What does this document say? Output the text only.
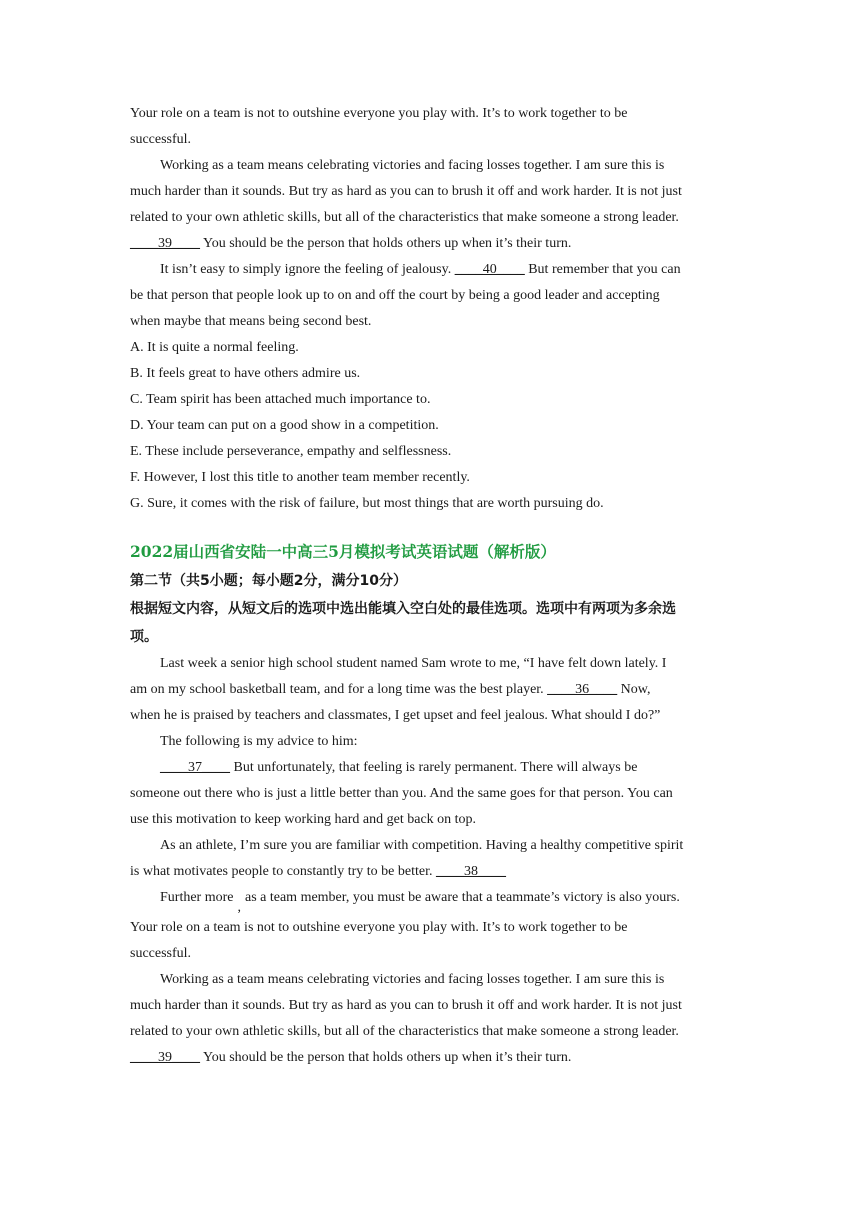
Your role on a team is not to outshine everyone you play with. It’s to work together to be
successful.
Working as a team means celebrating victories and facing losses together. I am sure this is
much harder than it sounds. But try as hard as you can to brush it off and work harder. It is not just
related to your own athletic skills, but all of the characteristics that make someone a strong leader.
____39____ You should be the person that holds others up when it’s their turn.
It isn’t easy to simply ignore the feeling of jealousy. ____40____ But remember that you can
be that person that people look up to on and off the court by being a good leader and accepting
when maybe that means being second best.
A. It is quite a normal feeling.
B. It feels great to have others admire us.
C. Team spirit has been attached much importance to.
D. Your team can put on a good show in a competition.
E. These include perseverance, empathy and selflessness.
F. However, I lost this title to another team member recently.
G. Sure, it comes with the risk of failure, but most things that are worth pursuing do.
2022届山西省安陆一中高三5月模拟考试英语试题（解析版）
第二节（共5小题；每小题2分，满分10分）
根据短文内容，从短文后的选项中选出能填入空白处的最佳选项。选项中有两项为多余选
项。
Last week a senior high school student named Sam wrote to me, “I have felt down lately. I
am on my school basketball team, and for a long time was the best player. ____36____ Now,
when he is praised by teachers and classmates, I get upset and feel jealous. What should I do?”
The following is my advice to him:
____37____ But unfortunately, that feeling is rarely permanent. There will always be
someone out there who is just a little better than you. And the same goes for that person. You can
use this motivation to keep working hard and get back on top.
As an athlete, I’m sure you are familiar with competition. Having a healthy competitive spirit
is what motivates people to constantly try to be better. ____38____
Further more,as a team member, you must be aware that a teammate’s victory is also yours.
Your role on a team is not to outshine everyone you play with. It’s to work together to be
successful.
Working as a team means celebrating victories and facing losses together. I am sure this is
much harder than it sounds. But try as hard as you can to brush it off and work harder. It is not just
related to your own athletic skills, but all of the characteristics that make someone a strong leader.
____39____ You should be the person that holds others up when it’s their turn.
